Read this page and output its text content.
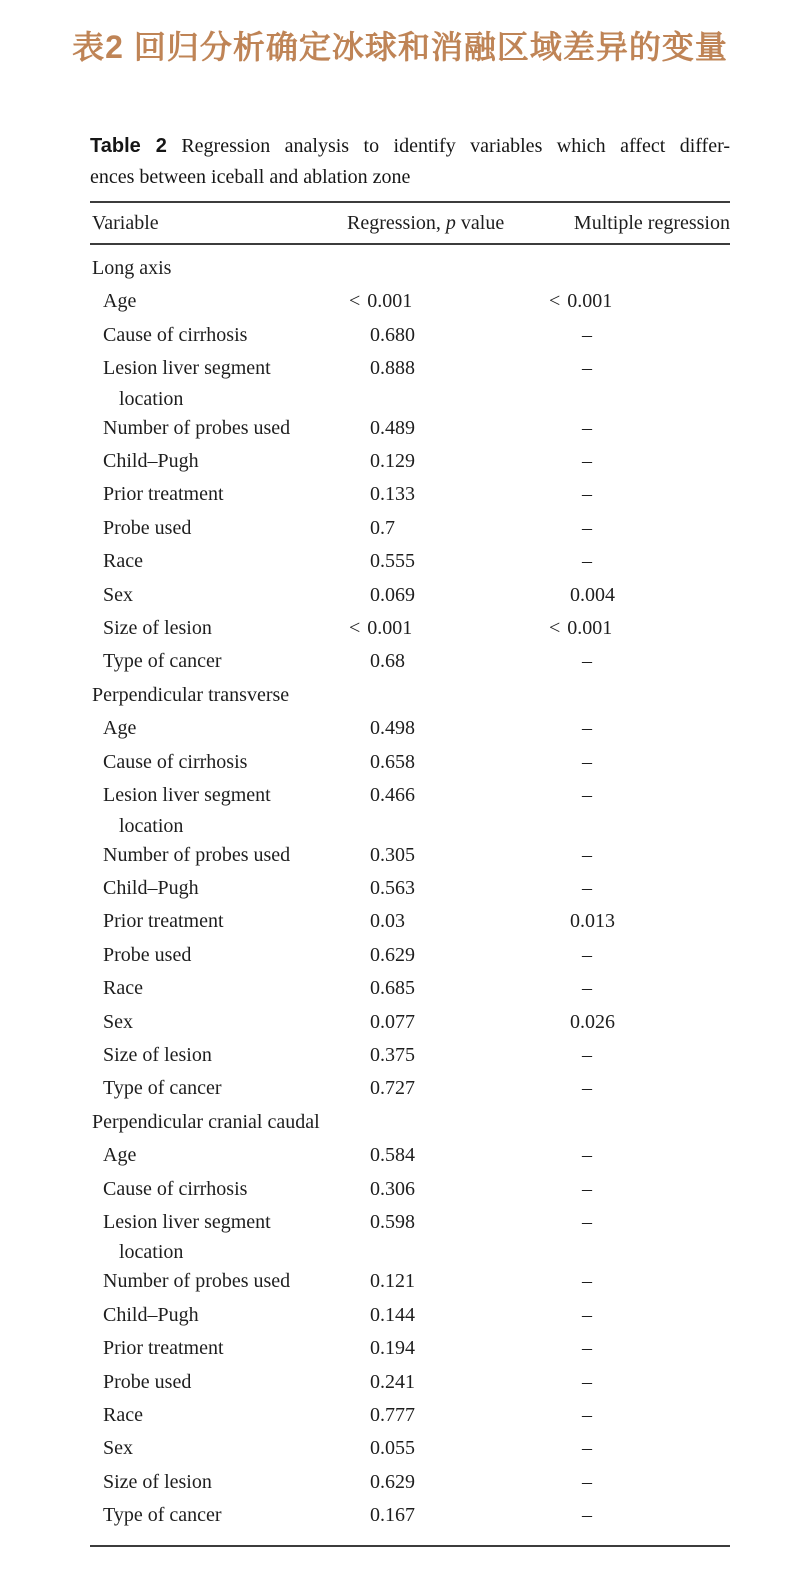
表2 回归分析确定冰球和消融区域差异的变量
Table 2 Regression analysis to identify variables which affect differ-
ences between iceball and ablation zone
Variable	Regression, p value	Multiple regression
Long axis
Age	< 0.001	< 0.001
Cause of cirrhosis	0.680	–
Lesion liver segment
location
0.888	–
Number of probes used	0.489	–
Child–Pugh	0.129	–
Prior treatment	0.133	–
Probe used	0.7	–
Race	0.555	–
Sex	0.069	0.004
Size of lesion	< 0.001	< 0.001
Type of cancer	0.68	–
Perpendicular transverse
Age	0.498	–
Cause of cirrhosis	0.658	–
Lesion liver segment
location
0.466	–
Number of probes used	0.305	–
Child–Pugh	0.563	–
Prior treatment	0.03	0.013
Probe used	0.629	–
Race	0.685	–
Sex	0.077	0.026
Size of lesion	0.375	–
Type of cancer	0.727	–
Perpendicular cranial caudal
Age	0.584	–
Cause of cirrhosis	0.306	–
Lesion liver segment
location
0.598	–
Number of probes used	0.121	–
Child–Pugh	0.144	–
Prior treatment	0.194	–
Probe used	0.241	–
Race	0.777	–
Sex	0.055	–
Size of lesion	0.629	–
Type of cancer	0.167	–
